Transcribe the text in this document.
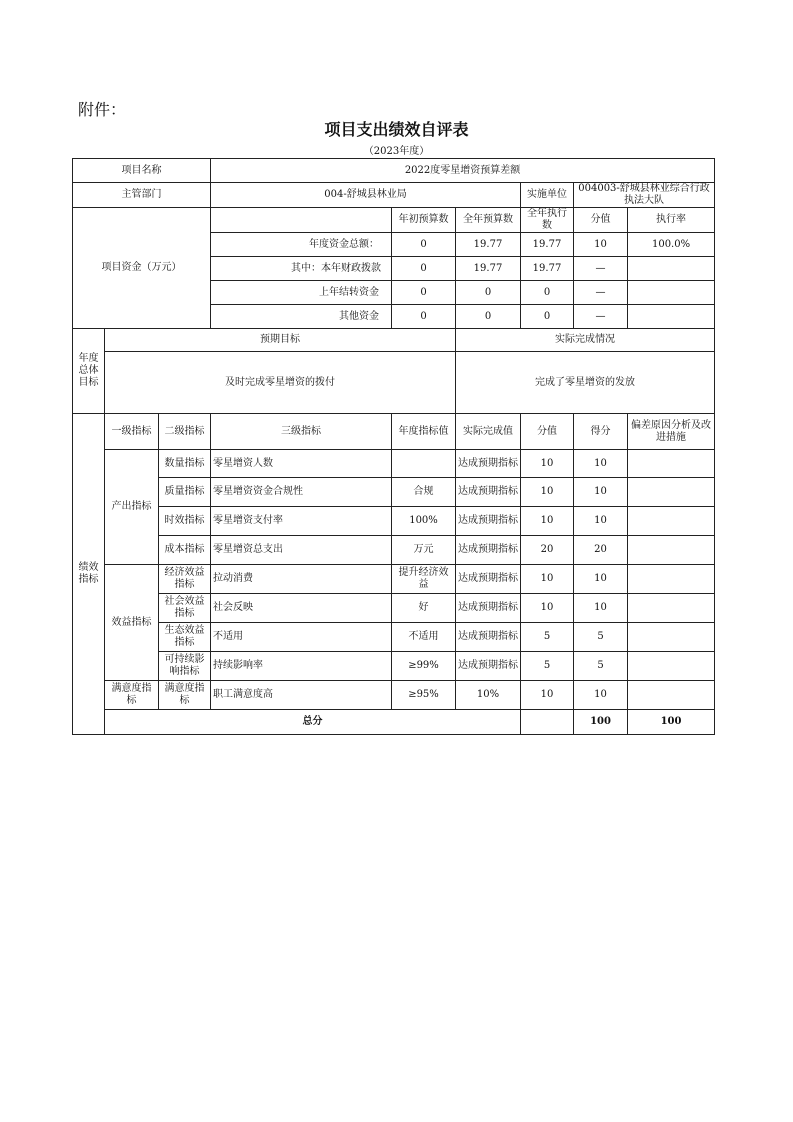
附件：
项目支出绩效自评表
（2023年度）
项目名称			2022度零星增资预算差额						
主管部门			004-舒城县林业局			实施单位	004003-舒城县林业综合行政执法大队		
项目资金（万元）				年初预算数	全年预算数	全年执行数	分值	执行率	
			年度资金总额：	0	19.77	19.77	10	100.0%	
			其中：本年财政拨款	0	19.77	19.77	—		
			上年结转资金	0	0	0	—		
			其他资金	0	0	0	—		
年度总体目标	预期目标				实际完成情况				
	及时完成零星增资的拨付				完成了零星增资的发放				
绩效指标	一级指标	二级指标	三级指标	年度指标值	实际完成值	分值	得分	偏差原因分析及改进措施	
	产出指标	数量指标	零星增资人数		达成预期指标	10	10		
		质量指标	零星增资资金合规性	合规	达成预期指标	10	10		
		时效指标	零星增资支付率	100%	达成预期指标	10	10		
		成本指标	零星增资总支出	万元	达成预期指标	20	20		
	效益指标	经济效益指标	拉动消费	提升经济效益	达成预期指标	10	10		
		社会效益指标	社会反映	好	达成预期指标	10	10		
		生态效益指标	不适用	不适用	达成预期指标	5	5		
		可持续影响指标	持续影响率	≥99%	达成预期指标	5	5		
	满意度指标	满意度指标	职工满意度高	≥95%	10%	10	10		
	总分						100	100	
